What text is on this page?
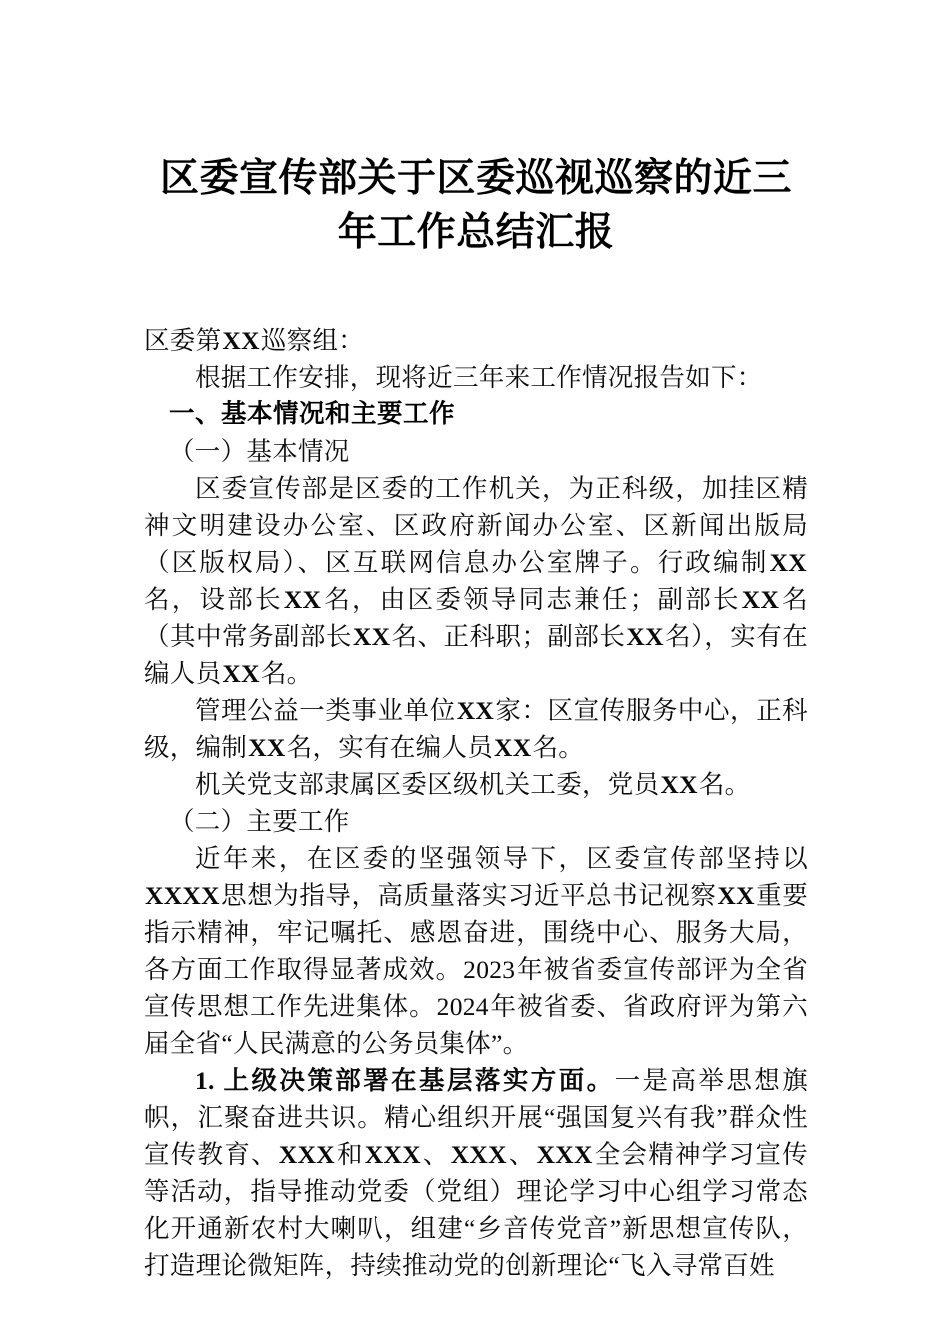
区委宣传部关于区委巡视巡察的近三年工作总结汇报

区委第XX巡察组：

根据工作安排，现将近三年来工作情况报告如下：

一、基本情况和主要工作

（一）基本情况

区委宣传部是区委的工作机关，为正科级，加挂区精神文明建设办公室、区政府新闻办公室、区新闻出版局（区版权局）、区互联网信息办公室牌子。行政编制XX名，设部长XX名，由区委领导同志兼任；副部长XX名（其中常务副部长XX名、正科职；副部长XX名），实有在编人员XX名。

管理公益一类事业单位XX家：区宣传服务中心，正科级，编制XX名，实有在编人员XX名。

机关党支部隶属区委区级机关工委，党员XX名。

（二）主要工作

近年来，在区委的坚强领导下，区委宣传部坚持以XXXX思想为指导，高质量落实习近平总书记视察XX重要指示精神，牢记嘱托、感恩奋进，围绕中心、服务大局，各方面工作取得显著成效。2023年被省委宣传部评为全省宣传思想工作先进集体。2024年被省委、省政府评为第六届全省“人民满意的公务员集体”。

1. 上级决策部署在基层落实方面。一是高举思想旗帜，汇聚奋进共识。精心组织开展“强国复兴有我”群众性宣传教育、XXX和XXX、XXX、XXX全会精神学习宣传等活动，指导推动党委（党组）理论学习中心组学习常态化开通新农村大喇叭，组建“乡音传党音”新思想宣传队，打造理论微矩阵，持续推动党的创新理论“飞入寻常百姓
